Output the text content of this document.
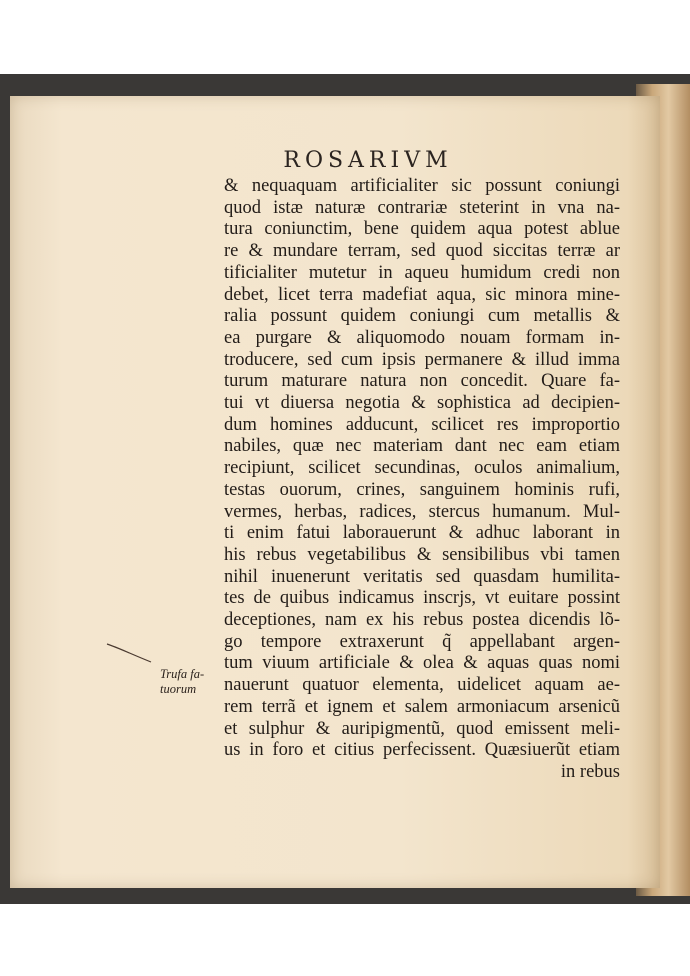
ROSARIVM
Trufa fa-
tuorum
& nequaquam artificialiter sic possunt coniungi
quod istæ naturæ contrariæ steterint in vna na-
tura coniunctim, bene quidem aqua potest ablue
re & mundare terram, sed quod siccitas terræ ar
tificialiter mutetur in aqueu humidum credi non
debet, licet terra madefiat aqua, sic minora mine-
ralia possunt quidem coniungi cum metallis &
ea purgare & aliquomodo nouam formam in-
troducere, sed cum ipsis permanere & illud imma
turum maturare natura non concedit. Quare fa-
tui vt diuersa negotia & sophistica ad decipien-
dum homines adducunt, scilicet res improportio
nabiles, quæ nec materiam dant nec eam etiam
recipiunt, scilicet secundinas, oculos animalium,
testas ouorum, crines, sanguinem hominis rufi,
vermes, herbas, radices, stercus humanum. Mul-
ti enim fatui laborauerunt & adhuc laborant in
his rebus vegetabilibus & sensibilibus vbi tamen
nihil inuenerunt veritatis sed quasdam humilita-
tes de quibus indicamus inscrjs, vt euitare possint
deceptiones, nam ex his rebus postea dicendis lõ-
go tempore extraxerunt q̃ appellabant argen-
tum viuum artificiale & olea & aquas quas nomi
nauerunt quatuor elementa, uidelicet aquam ae-
rem terrã et ignem et salem armoniacum arsenicũ
et sulphur & auripigmentũ, quod emissent meli-
us in foro et citius perfecissent. Quæsiuerũt etiam
in rebus
